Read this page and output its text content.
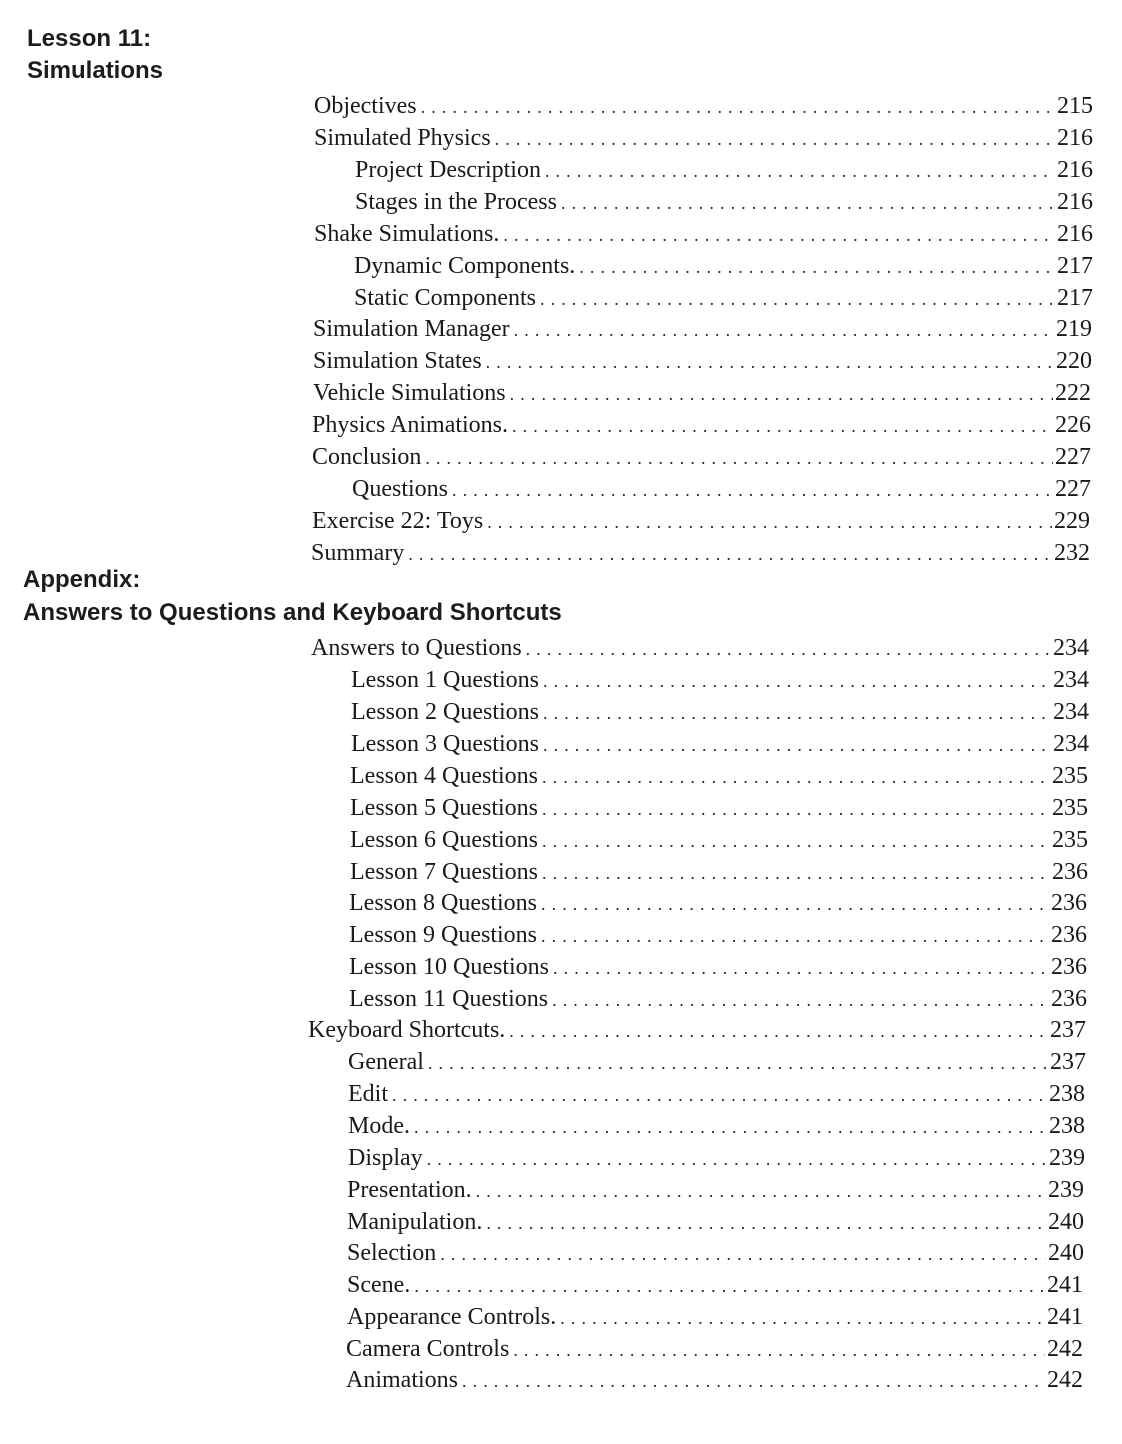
Lesson 11:
Simulations
Objectives . . .	215
Simulated Physics . . .	216
Project Description . . .	216
Stages in the Process . . .	216
Shake Simulations. . . .	216
Dynamic Components. . . .	217
Static Components . . .	217
Simulation Manager . . .	219
Simulation States . . .	220
Vehicle Simulations . . .	222
Physics Animations. . . .	226
Conclusion . . .	227
Questions . . .	227
Exercise 22: Toys . . .	229
Summary . . .	232
Appendix:
Answers to Questions and Keyboard Shortcuts
Answers to Questions . . .	234
Lesson 1 Questions . . .	234
Lesson 2 Questions . . .	234
Lesson 3 Questions . . .	234
Lesson 4 Questions . . .	235
Lesson 5 Questions . . .	235
Lesson 6 Questions . . .	235
Lesson 7 Questions . . .	236
Lesson 8 Questions . . .	236
Lesson 9 Questions . . .	236
Lesson 10 Questions . . .	236
Lesson 11 Questions . . .	236
Keyboard Shortcuts. . . .	237
General . . .	237
Edit . . .	238
Mode. . . .	238
Display . . .	239
Presentation. . . .	239
Manipulation. . . .	240
Selection . . .	240
Scene. . . .	241
Appearance Controls. . . .	241
Camera Controls . . .	242
Animations . . .	242
